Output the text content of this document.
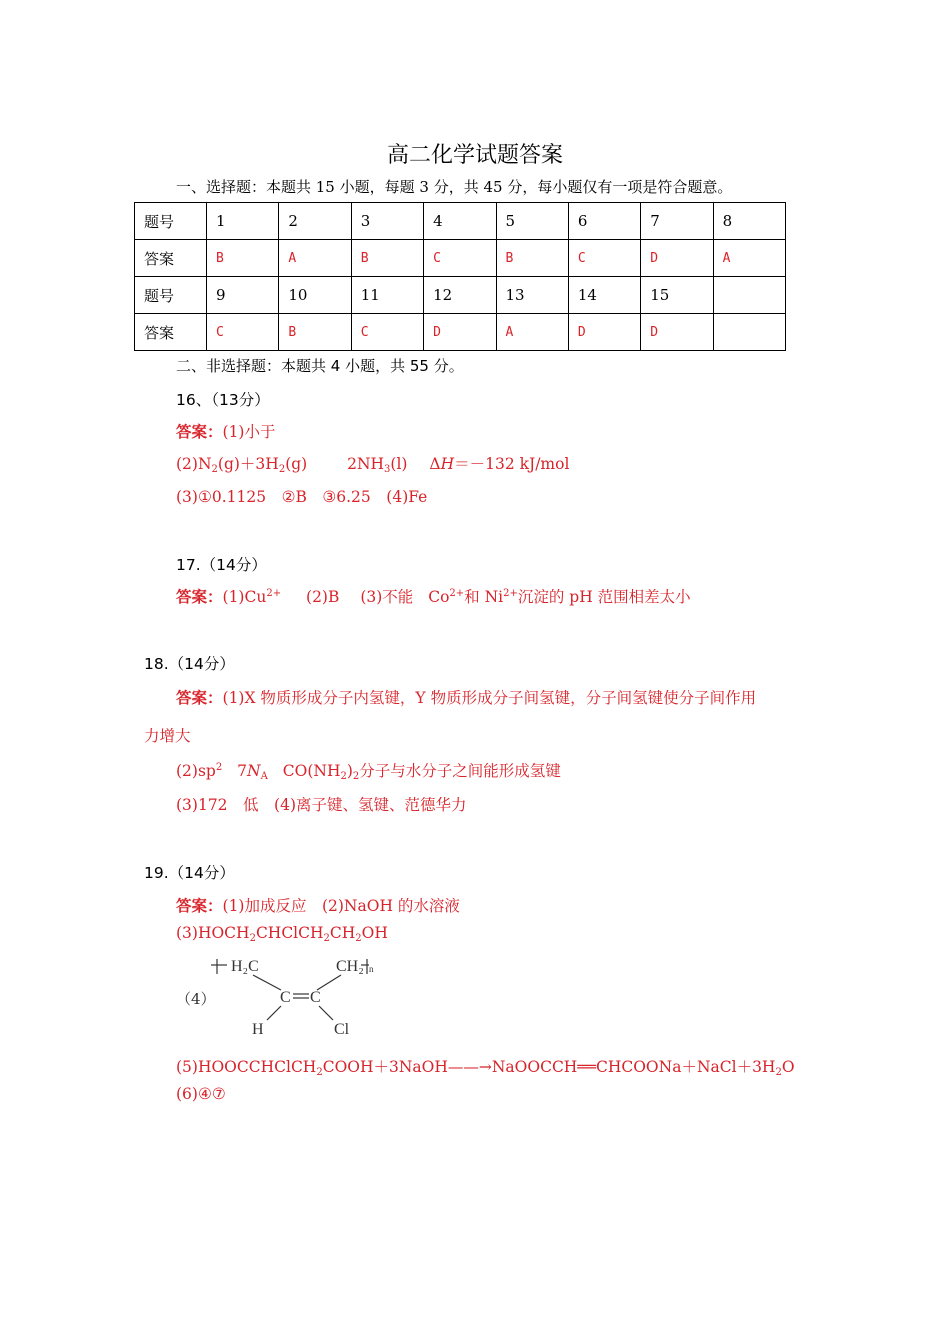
高二化学试题答案
一、选择题：本题共 15 小题，每题 3 分，共 45 分，每小题仅有一项是符合题意。
题号	1	2	3	4	5	6	7	8
答案	B	A	B	C	B	C	D	A
题号	9	10	11	12	13	14	15	
答案	C	B	C	D	A	D	D	
二、非选择题：本题共 4 小题，共 55 分。
16、（13分）
答案：(1)小于
$(2)N_2(g)+3H_2(g)$	$2NH_3(l)$ ΔH＝－132 kJ/mol
(3)①0.1125　②B　③6.25　(4)Fe
17.（14分）
答案：$(1)Cu^{2+}$ (2)B (3)不能 $Co^{2+}$和 $Ni^{2+}$沉淀的 pH 范围相差太小
18.（14分）
答案：(1)X 物质形成分子内氢键，Y 物质形成分子间氢键，分子间氢键使分子间作用
力增大
$(2)sp^2$ $7N_A$ $CO(NH_2)_2$分子与水分子之间能形成氢键
(3)172　低　(4)离子键、氢键、范德华力
19.（14分）
答案：(1)加成反应　(2)NaOH 的水溶液
$(3)HOCH_2CHClCH_2CH_2OH$
（4）
H₂C	CH₂ n
C C
H	Cl
$(5)HOOCCHClCH_2COOH+3NaOH——\to NaOOCCH══CHCOONa+NaCl+3H_2O$
(6)④⑦
